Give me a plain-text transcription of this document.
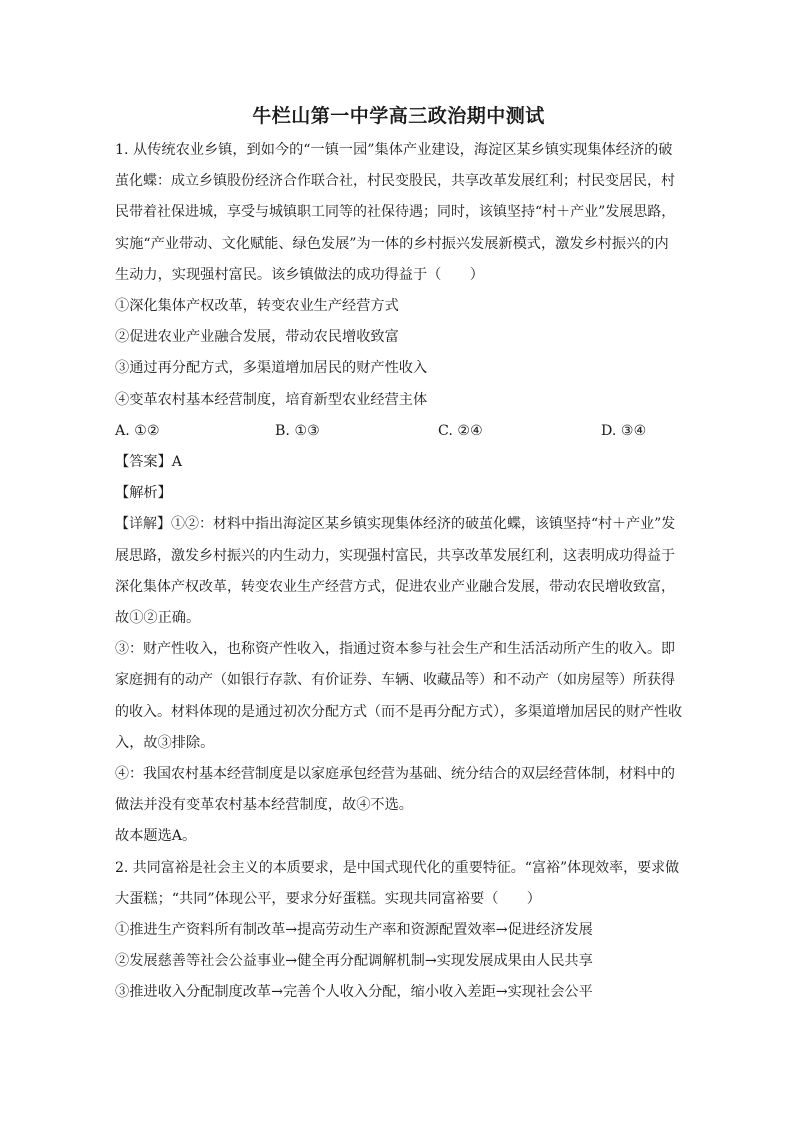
牛栏山第一中学高三政治期中测试

1. 从传统农业乡镇，到如今的“一镇一园”集体产业建设，海淀区某乡镇实现集体经济的破

茧化蝶：成立乡镇股份经济合作联合社，村民变股民，共享改革发展红利；村民变居民，村

民带着社保进城，享受与城镇职工同等的社保待遇；同时，该镇坚持“村＋产业”发展思路，

实施“产业带动、文化赋能、绿色发展”为一体的乡村振兴发展新模式，激发乡村振兴的内

生动力，实现强村富民。该乡镇做法的成功得益于（　　）

①深化集体产权改革，转变农业生产经营方式

②促进农业产业融合发展，带动农民增收致富

③通过再分配方式，多渠道增加居民的财产性收入

④变革农村基本经营制度，培育新型农业经营主体

A. ①②	B. ①③	C. ②④	D. ③④

【答案】A

【解析】

【详解】①②：材料中指出海淀区某乡镇实现集体经济的破茧化蝶，该镇坚持“村＋产业”发

展思路，激发乡村振兴的内生动力，实现强村富民，共享改革发展红利，这表明成功得益于

深化集体产权改革，转变农业生产经营方式，促进农业产业融合发展，带动农民增收致富，

故①②正确。

③：财产性收入，也称资产性收入，指通过资本参与社会生产和生活活动所产生的收入。即

家庭拥有的动产（如银行存款、有价证券、车辆、收藏品等）和不动产（如房屋等）所获得

的收入。材料体现的是通过初次分配方式（而不是再分配方式），多渠道增加居民的财产性收

入，故③排除。

④：我国农村基本经营制度是以家庭承包经营为基础、统分结合的双层经营体制，材料中的

做法并没有变革农村基本经营制度，故④不选。

故本题选A。

2. 共同富裕是社会主义的本质要求，是中国式现代化的重要特征。“富裕”体现效率，要求做

大蛋糕；“共同”体现公平，要求分好蛋糕。实现共同富裕要（　　）

①推进生产资料所有制改革→提高劳动生产率和资源配置效率→促进经济发展

②发展慈善等社会公益事业→健全再分配调解机制→实现发展成果由人民共享

③推进收入分配制度改革→完善个人收入分配，缩小收入差距→实现社会公平
